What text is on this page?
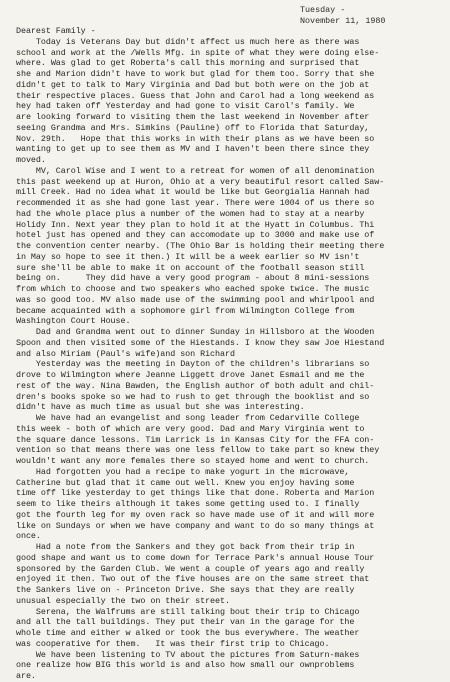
Tuesday -
November 11, 1980
Dearest Family -
Today is Veterans Day but didn't affect us much here as there was
school and work at the /Wells Mfg. in spite of what they were doing else-
where. Was glad to get Roberta's call this morning and surprised that
she and Marion didn't have to work but glad for them too. Sorry that she
didn't get to talk to Mary Virginia and Dad but both were on the job at
their respective places. Guess that John and Carol had a long weekend as
hey had taken off Yesterday and had gone to visit Carol's family. We
are looking forward to visiting them the last weekend in November after
seeing Grandma and Mrs. Simkins (Pauline) off to Florida that Saturday,
Nov. 29th.   Hope that this works in with their plans as we have been so
wanting to get up to see them as MV and I haven't been there since they
moved.
MV, Carol Wise and I went to a retreat for women of all denomination
this past weekend up at Huron, Ohio at a very beautiful resort called Saw-
mill Creek. Had no idea what it would be like but Georgialia Hannah had
recommended it as she had gone last year. There were 1004 of us there so
had the whole place plus a number of the women had to stay at a nearby
Holidy Inn. Next year they plan to hold it at the Hyatt in Columbus. Thi
hotel just has opened and they can accomodate up to 3000 and make use of
the convention center nearby. (The Ohio Bar is holding their meeting there
in May so hope to see it then.) It will be a week earlier so MV isn't
sure she'll be able to make it on account of the football season still
being on.     They did have a very good program - about 8 mini-sessions
from which to choose and two speakers who eached spoke twice. The music
was so good too. MV also made use of the swimming pool and whirlpool and
became acquainted with a sophomore girl from Wilmington College from
Washington Court House.
Dad and Grandma went out to dinner Sunday in Hillsboro at the Wooden
Spoon and then visited some of the Hiestands. I know they saw Joe Hiestand
and also Miriam (Paul's wife)and son Richard
Yesterday was the meeting in Dayton of the children's librarians so
drove to Wilmington where Jeanne Liggett drove Janet Esmail and me the
rest of the way. Nina Bawden, the English author of both adult and chil-
dren's books spoke so we had to rush to get through the booklist and so
didn't have as much time as usual but she was interesting.
We have had an evangelist and song leader from Cedarville College
this week - both of which are very good. Dad and Mary Virginia went to
the square dance lessons. Tim Larrick is in Kansas City for the FFA con-
vention so that means there was one less fellow to take part so knew they
wouldn't want any more females there so stayed home and went to church.
Had forgotten you had a recipe to make yogurt in the microwave,
Catherine but glad that it came out well. Knew you enjoy having some
time off like yesterday to get things like that done. Roberta and Marion
seem to like theirs although it takes some getting used to. I finally
got the fourth leg for my oven rack so have made use of it and will more
like on Sundays or when we have company and want to do so many things at
once.
Had a note from the Sankers and they got back from their trip in
good shape and want us to come down for Terrace Park's annual House Tour
sponsored by the Garden Club. We went a couple of years ago and really
enjoyed it then. Two out of the five houses are on the same street that
the Sankers live on - Princeton Drive. She says that they are really
unusual especially the two on their street.
Serena, the Walfrums are still talking bout their trip to Chicago
and all the tall buildings. They put their van in the garage for the
whole time and either w alked or took the bus everywhere. The weather
was cooperative for them.   It was their first trip to Chicago.
We have been listening to TV about the pictures from Saturn-makes
one realize how BIG this world is and also how small our ownproblems
are.
